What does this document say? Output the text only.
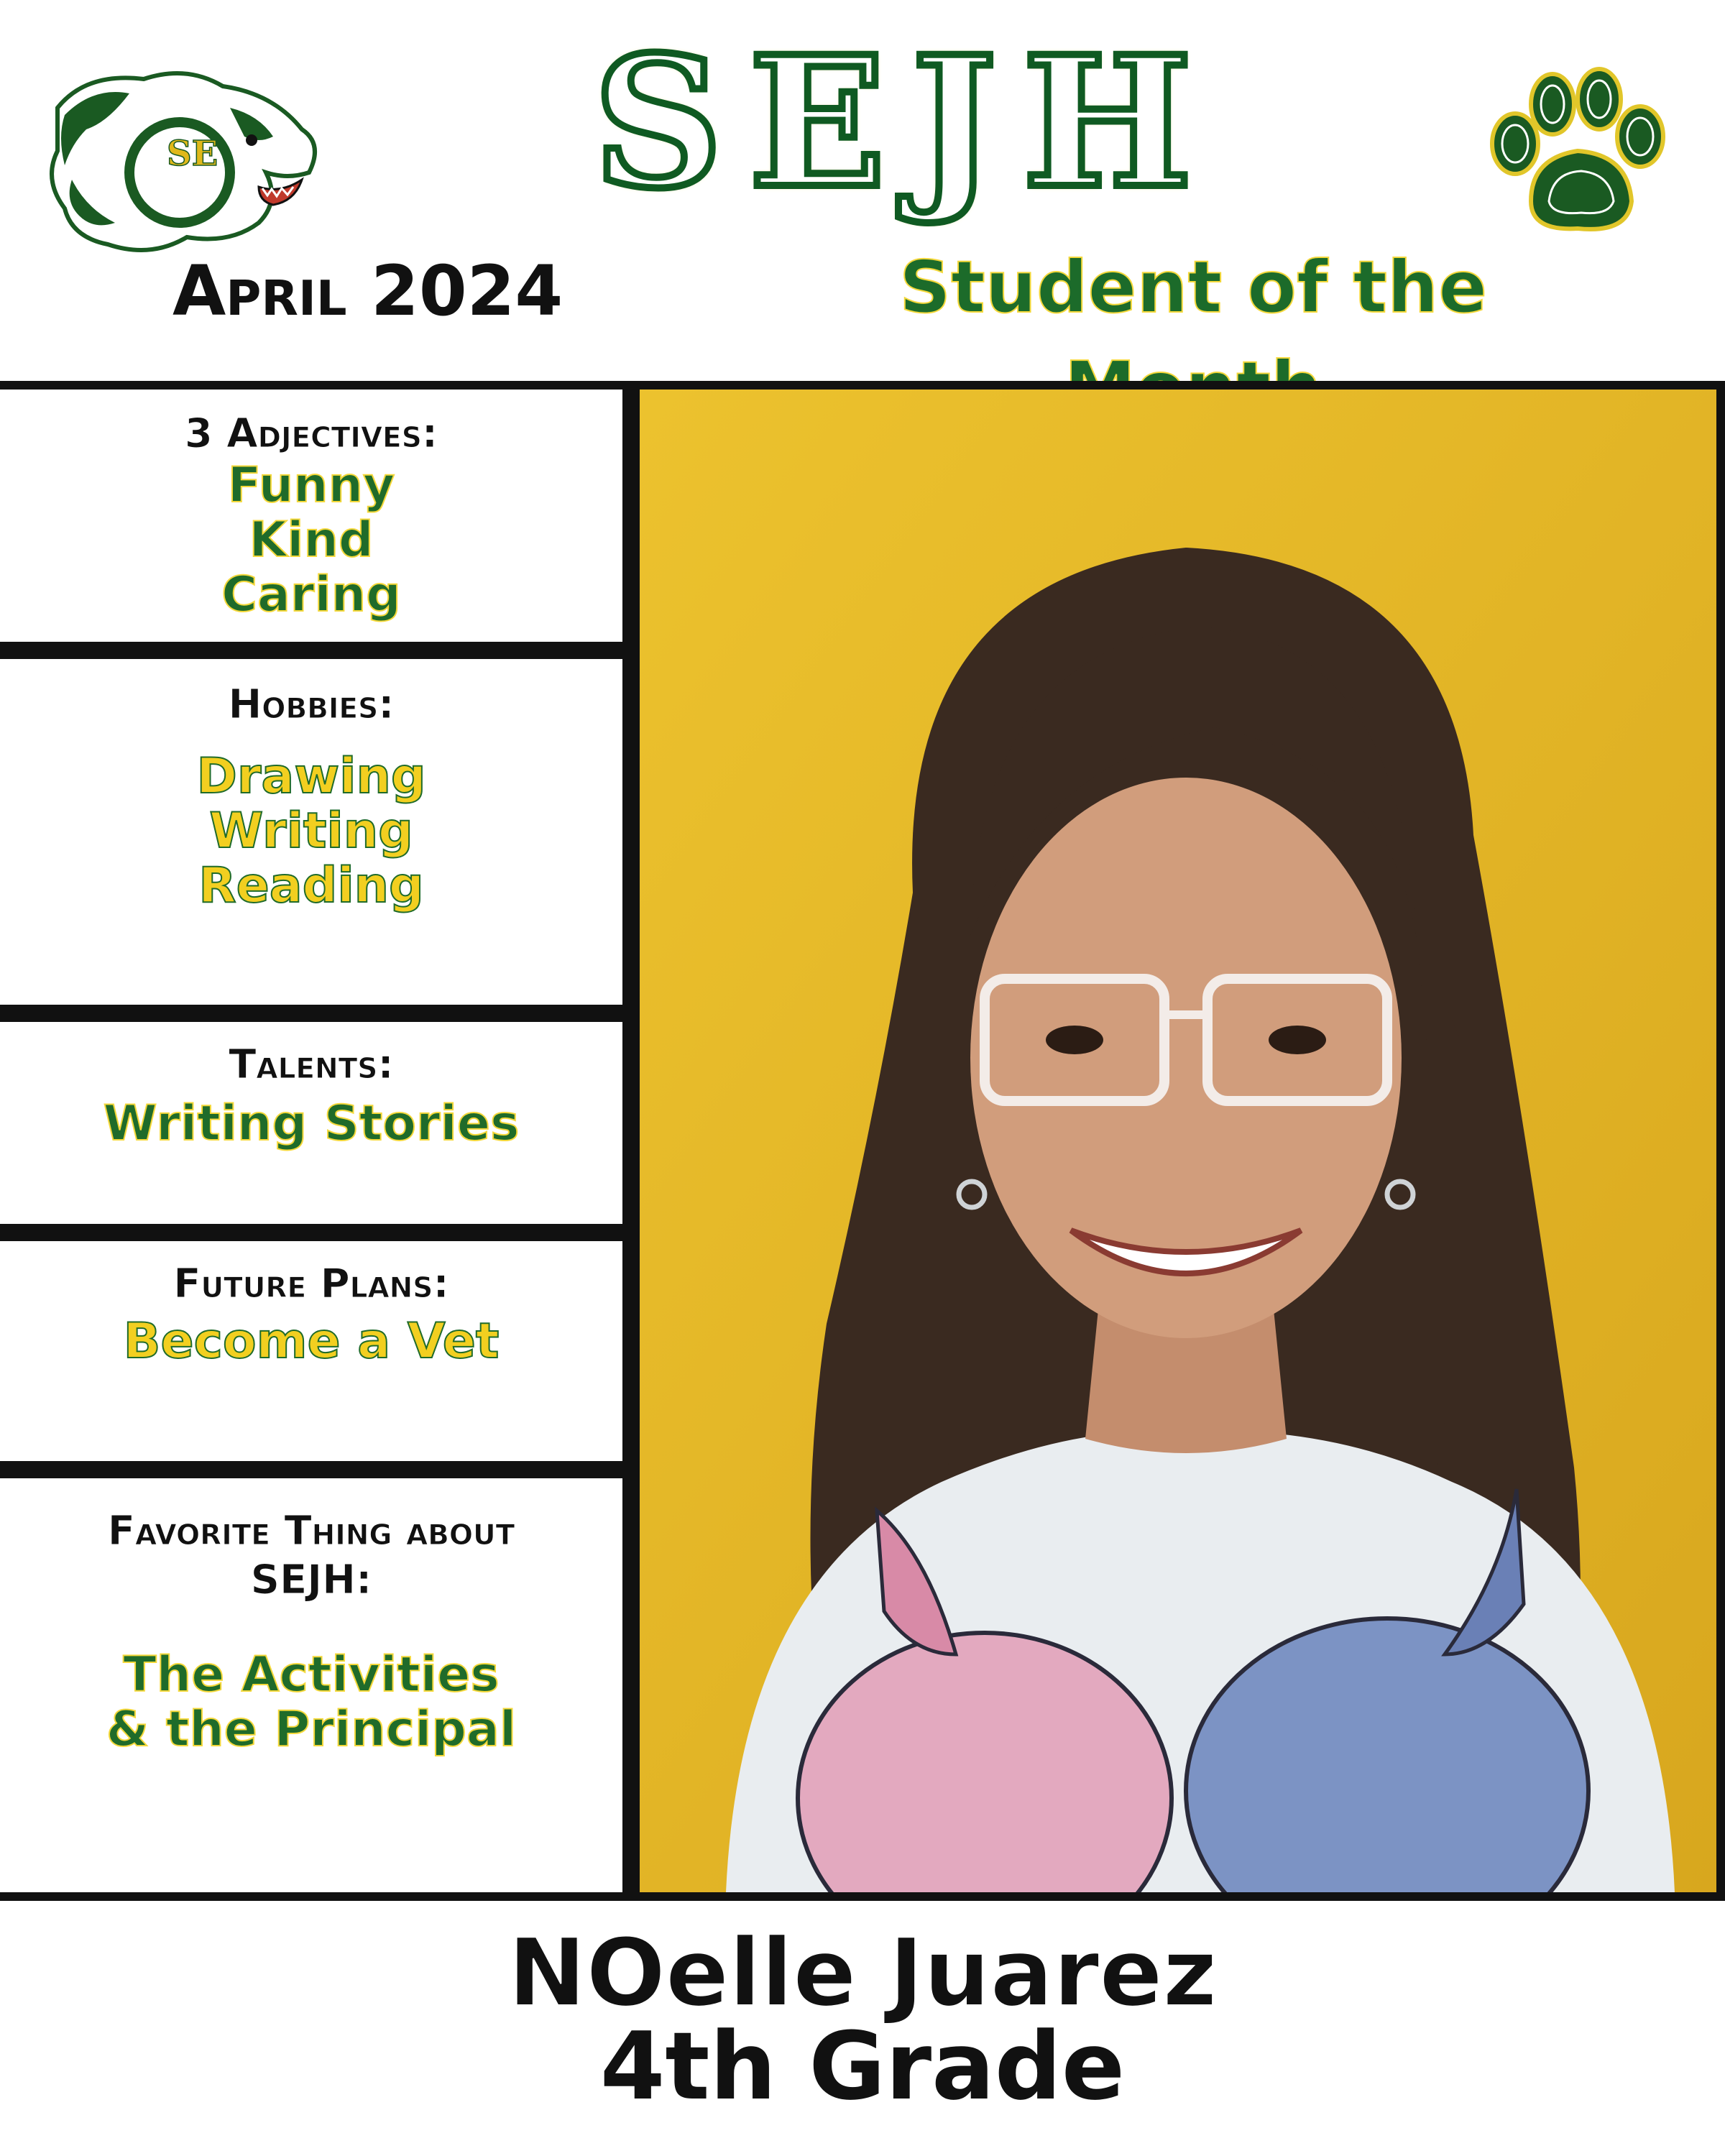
SE	SEJH
April 2024	Student of the
3 Adjectives:
Funny
Kind
Caring
Hobbies:
Drawing
Writing
Reading
Talents:
Writing Stories
Future Plans:
Become a Vet
Favorite Thing about
SEJH:
The Activities
& the Principal
NOelle Juarez
4th Grade
